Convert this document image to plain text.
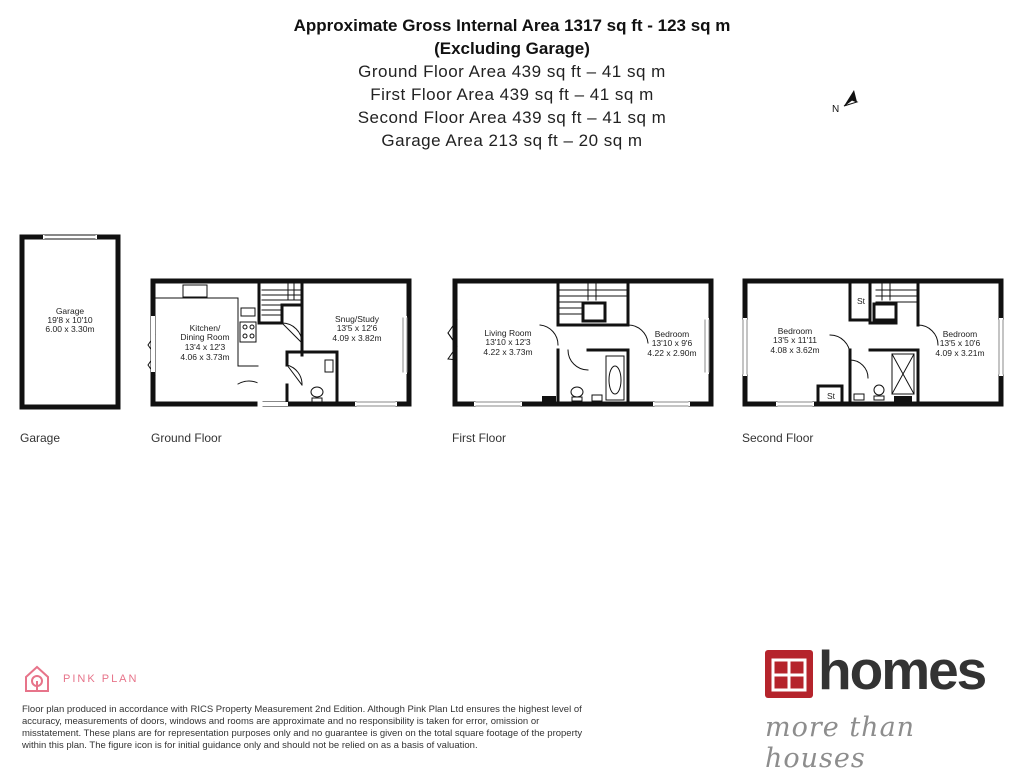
Approximate Gross Internal Area 1317 sq ft - 123 sq m
(Excluding Garage)
Ground Floor Area 439 sq ft – 41 sq m
First Floor Area 439 sq ft – 41 sq m
Second Floor Area 439 sq ft – 41 sq m
Garage Area 213 sq ft – 20 sq m
N
Garage
19'8 x 10'10
6.00 x 3.30m	Kitchen/
Dining Room
13'4 x 12'3
4.06 x 3.73m
Snug/Study
13'5 x 12'6
4.09 x 3.82m	Living Room
13'10 x 12'3
4.22 x 3.73m
Bedroom
13'10 x 9'6
4.22 x 2.90m
Bedroom
13'5 x 11'11
4.08 x 3.62m
Bedroom
13'5 x 10'6
4.09 x 3.21m
St
St
Garage	Ground Floor	First Floor	Second Floor
PINK PLAN
Floor plan produced in accordance with RICS Property Measurement 2nd Edition. Although Pink Plan Ltd ensures the highest level of accuracy, measurements of doors, windows and rooms are approximate and no responsibility is taken for error, omission or misstatement. These plans are for representation purposes only and no guarantee is given on the total square footage of the property within this plan. The figure icon is for initial guidance only and should not be relied on as a basis of valuation.
homes
more than houses
